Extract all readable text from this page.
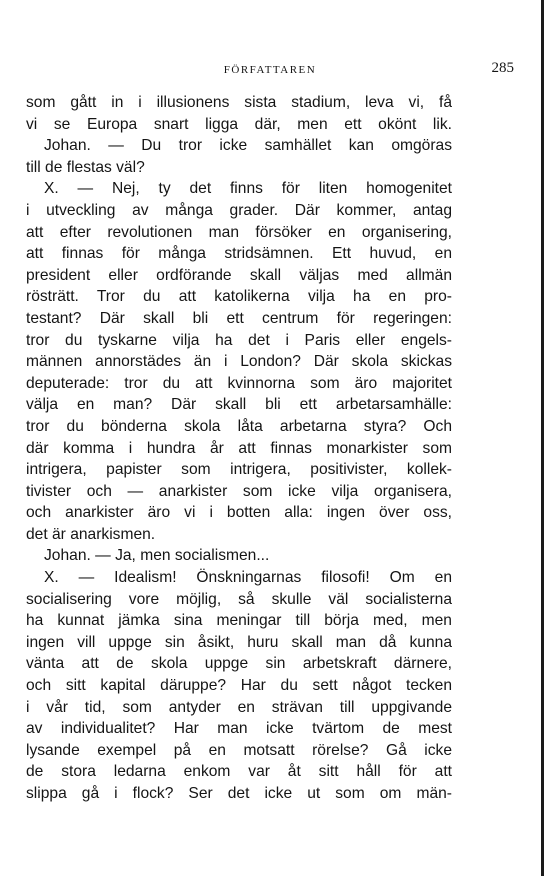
FÖRFATTAREN	285
som gått in i illusionens sista stadium, leva vi, få
vi se Europa snart ligga där, men ett okönt lik.
Johan. — Du tror icke samhället kan omgöras
till de flestas väl?
X. — Nej, ty det finns för liten homogenitet
i utveckling av många grader. Där kommer, antag
att efter revolutionen man försöker en organisering,
att finnas för många stridsämnen. Ett huvud, en
president eller ordförande skall väljas med allmän
rösträtt. Tror du att katolikerna vilja ha en pro-
testant? Där skall bli ett centrum för regeringen:
tror du tyskarne vilja ha det i Paris eller engels-
männen annorstädes än i London? Där skola skickas
deputerade: tror du att kvinnorna som äro majoritet
välja en man? Där skall bli ett arbetarsamhälle:
tror du bönderna skola låta arbetarna styra? Och
där komma i hundra år att finnas monarkister som
intrigera, papister som intrigera, positivister, kollek-
tivister och — anarkister som icke vilja organisera,
och anarkister äro vi i botten alla: ingen över oss,
det är anarkismen.
Johan. — Ja, men socialismen...
X. — Idealism! Önskningarnas filosofi! Om en
socialisering vore möjlig, så skulle väl socialisterna
ha kunnat jämka sina meningar till börja med, men
ingen vill uppge sin åsikt, huru skall man då kunna
vänta att de skola uppge sin arbetskraft därnere,
och sitt kapital däruppe? Har du sett något tecken
i vår tid, som antyder en strävan till uppgivande
av individualitet? Har man icke tvärtom de mest
lysande exempel på en motsatt rörelse? Gå icke
de stora ledarna enkom var åt sitt håll för att
slippa gå i flock? Ser det icke ut som om män-
